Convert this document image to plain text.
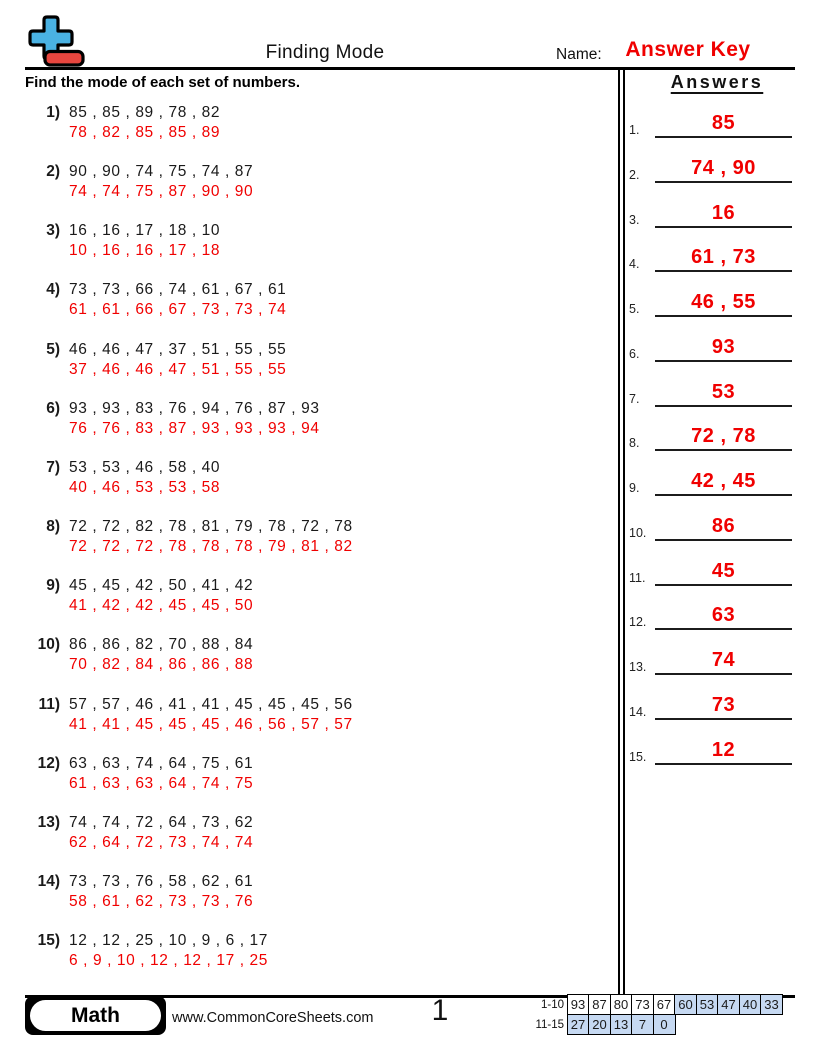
Finding Mode	Name:	Answer Key
Find the mode of each set of numbers.	Answers
1) 85 , 85 , 89 , 78 , 82
78 , 82 , 85 , 85 , 89
2) 90 , 90 , 74 , 75 , 74 , 87
74 , 74 , 75 , 87 , 90 , 90
3) 16 , 16 , 17 , 18 , 10
10 , 16 , 16 , 17 , 18
4) 73 , 73 , 66 , 74 , 61 , 67 , 61
61 , 61 , 66 , 67 , 73 , 73 , 74
5) 46 , 46 , 47 , 37 , 51 , 55 , 55
37 , 46 , 46 , 47 , 51 , 55 , 55
6) 93 , 93 , 83 , 76 , 94 , 76 , 87 , 93
76 , 76 , 83 , 87 , 93 , 93 , 93 , 94
7) 53 , 53 , 46 , 58 , 40
40 , 46 , 53 , 53 , 58
8) 72 , 72 , 82 , 78 , 81 , 79 , 78 , 72 , 78
72 , 72 , 72 , 78 , 78 , 78 , 79 , 81 , 82
9) 45 , 45 , 42 , 50 , 41 , 42
41 , 42 , 42 , 45 , 45 , 50
10) 86 , 86 , 82 , 70 , 88 , 84
70 , 82 , 84 , 86 , 86 , 88
11) 57 , 57 , 46 , 41 , 41 , 45 , 45 , 45 , 56
41 , 41 , 45 , 45 , 45 , 46 , 56 , 57 , 57
12) 63 , 63 , 74 , 64 , 75 , 61
61 , 63 , 63 , 64 , 74 , 75
13) 74 , 74 , 72 , 64 , 73 , 62
62 , 64 , 72 , 73 , 74 , 74
14) 73 , 73 , 76 , 58 , 62 , 61
58 , 61 , 62 , 73 , 73 , 76
15) 12 , 12 , 25 , 10 , 9 , 6 , 17
6 , 9 , 10 , 12 , 12 , 17 , 25
1.	85
2.	74 , 90
3.	16
4.	61 , 73
5.	46 , 55
6.	93
7.	53
8.	72 , 78
9.	42 , 45
10.	86
11.	45
12.	63
13.	74
14.	73
15.	12
Math	www.CommonCoreSheets.com	1	1-10 93 87 80 73 67 60 53 47 40 33
11-15 27 20 13 7	0
